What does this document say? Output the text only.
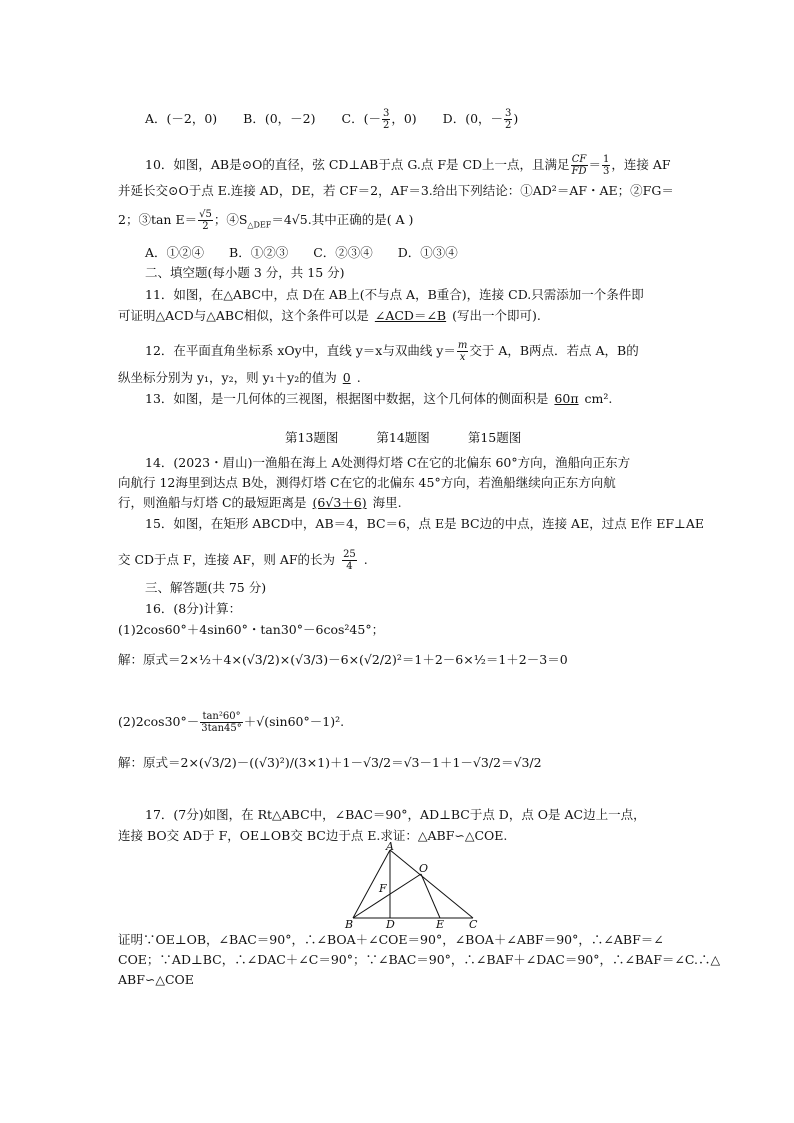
A．(－2，0) B．(0，－2) C．(－ $\frac{3}{2}$ ，0) D．(0，－ $\frac{3}{2}$ )
10．如图，AB是⊙O的直径，弦 CD⊥AB于点 G.点 F是 CD上一点，且满足 $\frac{CF}{FD} = \frac{1}{3}$ ，连接 AF
并延长交⊙O于点 E.连接 AD，DE，若 CF＝2，AF＝3.给出下列结论：①AD²＝AF・AE；②FG＝
2；③tan $E= \frac{√5}{2}$ ；$④S_{\triangle DEF}=4√5$.其中正确的是( A )
A．①②④　　B．①②③　　C．②③④　　D．①③④
二、填空题(每小题 3 分，共 15 分)
11．如图，在△ABC中，点 D在 AB上(不与点 A，B重合)，连接 CD.只需添加一个条件即
可证明△ACD与△ABC相似，这个条件可以是 ∠ACD＝∠B (写出一个即可).
12．在平面直角坐标系 xOy中，直线 y＝x与双曲线 $y= \frac{m}{x}$ 交于 A，B两点．若点 A，B的
纵坐标分别为 y₁，y₂，则 y₁＋y₂的值为 0 .
13．如图，是一几何体的三视图，根据图中数据，这个几何体的侧面积是 60π cm².
第13题图	第14题图	第15题图
14．(2023・眉山)一渔船在海上 A处测得灯塔 C在它的北偏东 60°方向，渔船向正东方
向航行 12海里到达点 B处，测得灯塔 C在它的北偏东 45°方向，若渔船继续向正东方向航
行，则渔船与灯塔 C的最短距离是 (6√3＋6) 海里.
15．如图，在矩形 ABCD中，AB＝4，BC＝6，点 E是 BC边的中点，连接 AE，过点 E作 EF⊥AE
交 CD于点 F，连接 AF，则 AF的长为 $\frac{25}{4}$ .
三、解答题(共 75 分)
16．(8分)计算：
(1)2cos60°＋4sin60°・tan30°－6cos²45°；
解：原式＝2×½＋4×(√3/2)×(√3/3)－6×(√2/2)²＝1＋2－6×½＝1＋2－3＝0
$(2)2\cos 30^\circ- \frac{\text{tan²60°}}{3\tan 45^\circ} +√(\sin 60^\circ-1)^2$.
解：原式＝2×(√3/2)－((√3)²)/(3×1)＋1－√3/2＝√3－1＋1－√3/2＝√3/2
17．(7分)如图，在 Rt△ABC中，∠BAC＝90°，AD⊥BC于点 D，点 O是 AC边上一点，
连接 BO交 AD于 F，OE⊥OB交 BC边于点 E.求证：△ABF∽△COE.
A
O
F
B	D	E C
证明∵OE⊥OB，∠BAC＝90°，∴∠BOA＋∠COE＝90°，∠BOA＋∠ABF＝90°，∴∠ABF＝∠
COE；∵AD⊥BC，∴∠DAC＋∠C＝90°；∵∠BAC＝90°，∴∠BAF＋∠DAC＝90°，∴∠BAF＝∠C.∴△
ABF∽△COE
